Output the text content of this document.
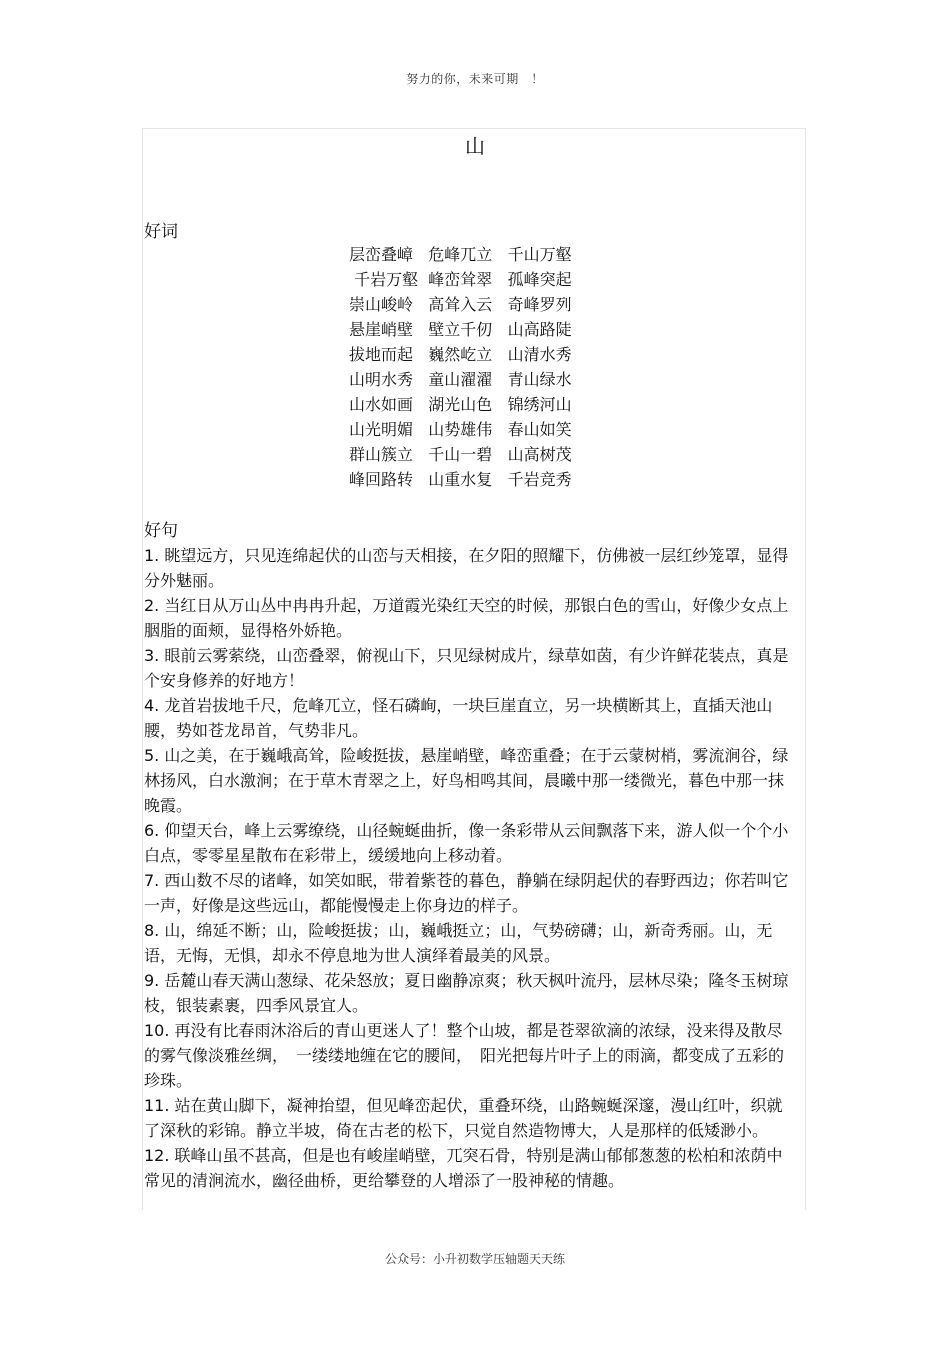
努力的你，未来可期　！
山
好词
层峦叠嶂 危峰兀立 千山万壑
千岩万壑 峰峦耸翠 孤峰突起
崇山峻岭 高耸入云 奇峰罗列
悬崖峭壁 壁立千仞 山高路陡
拔地而起 巍然屹立 山清水秀
山明水秀 童山濯濯 青山绿水
山水如画 湖光山色 锦绣河山
山光明媚 山势雄伟 春山如笑
群山簇立 千山一碧 山高树茂
峰回路转 山重水复 千岩竞秀
好句
1. 眺望远方，只见连绵起伏的山峦与天相接，在夕阳的照耀下，仿佛被一层红纱笼罩，显得分外魅丽。
2. 当红日从万山丛中冉冉升起，万道霞光染红天空的时候，那银白色的雪山，好像少女点上胭脂的面颊，显得格外娇艳。
3. 眼前云雾萦绕，山峦叠翠，俯视山下，只见绿树成片，绿草如茵，有少许鲜花装点，真是个安身修养的好地方！
4. 龙首岩拔地千尺，危峰兀立，怪石磷峋，一块巨崖直立，另一块横断其上，直插天池山腰，势如苍龙昂首，气势非凡。
5. 山之美，在于巍峨高耸，险峻挺拔，悬崖峭壁，峰峦重叠；在于云蒙树梢，雾流涧谷，绿林扬风，白水激涧；在于草木青翠之上，好鸟相鸣其间，晨曦中那一缕微光，暮色中那一抹晚霞。
6. 仰望天台，峰上云雾缭绕，山径蜿蜒曲折，像一条彩带从云间飘落下来，游人似一个个小白点，零零星星散布在彩带上，缓缓地向上移动着。
7. 西山数不尽的诸峰，如笑如眠，带着紫苍的暮色，静躺在绿阴起伏的春野西边；你若叫它一声，好像是这些远山，都能慢慢走上你身边的样子。
8. 山，绵延不断；山，险峻挺拔；山，巍峨挺立；山，气势磅礴；山，新奇秀丽。山，无语，无悔，无惧，却永不停息地为世人演绎着最美的风景。
9. 岳麓山春天满山葱绿、花朵怒放；夏日幽静凉爽；秋天枫叶流丹，层林尽染；隆冬玉树琼枝，银装素裹，四季风景宜人。
10. 再没有比春雨沐浴后的青山更迷人了！整个山坡，都是苍翠欲滴的浓绿，没来得及散尽的雾气像淡雅丝绸，　一缕缕地缠在它的腰间，　阳光把每片叶子上的雨滴，都变成了五彩的珍珠。
11. 站在黄山脚下，凝神抬望，但见峰峦起伏，重叠环绕，山路蜿蜒深邃，漫山红叶，织就了深秋的彩锦。静立半坡，倚在古老的松下，只觉自然造物博大，人是那样的低矮渺小。
12. 联峰山虽不甚高，但是也有峻崖峭壁，兀突石骨，特别是满山郁郁葱葱的松柏和浓荫中常见的清涧流水，幽径曲桥，更给攀登的人增添了一股神秘的情趣。
公众号：小升初数学压轴题天天练
